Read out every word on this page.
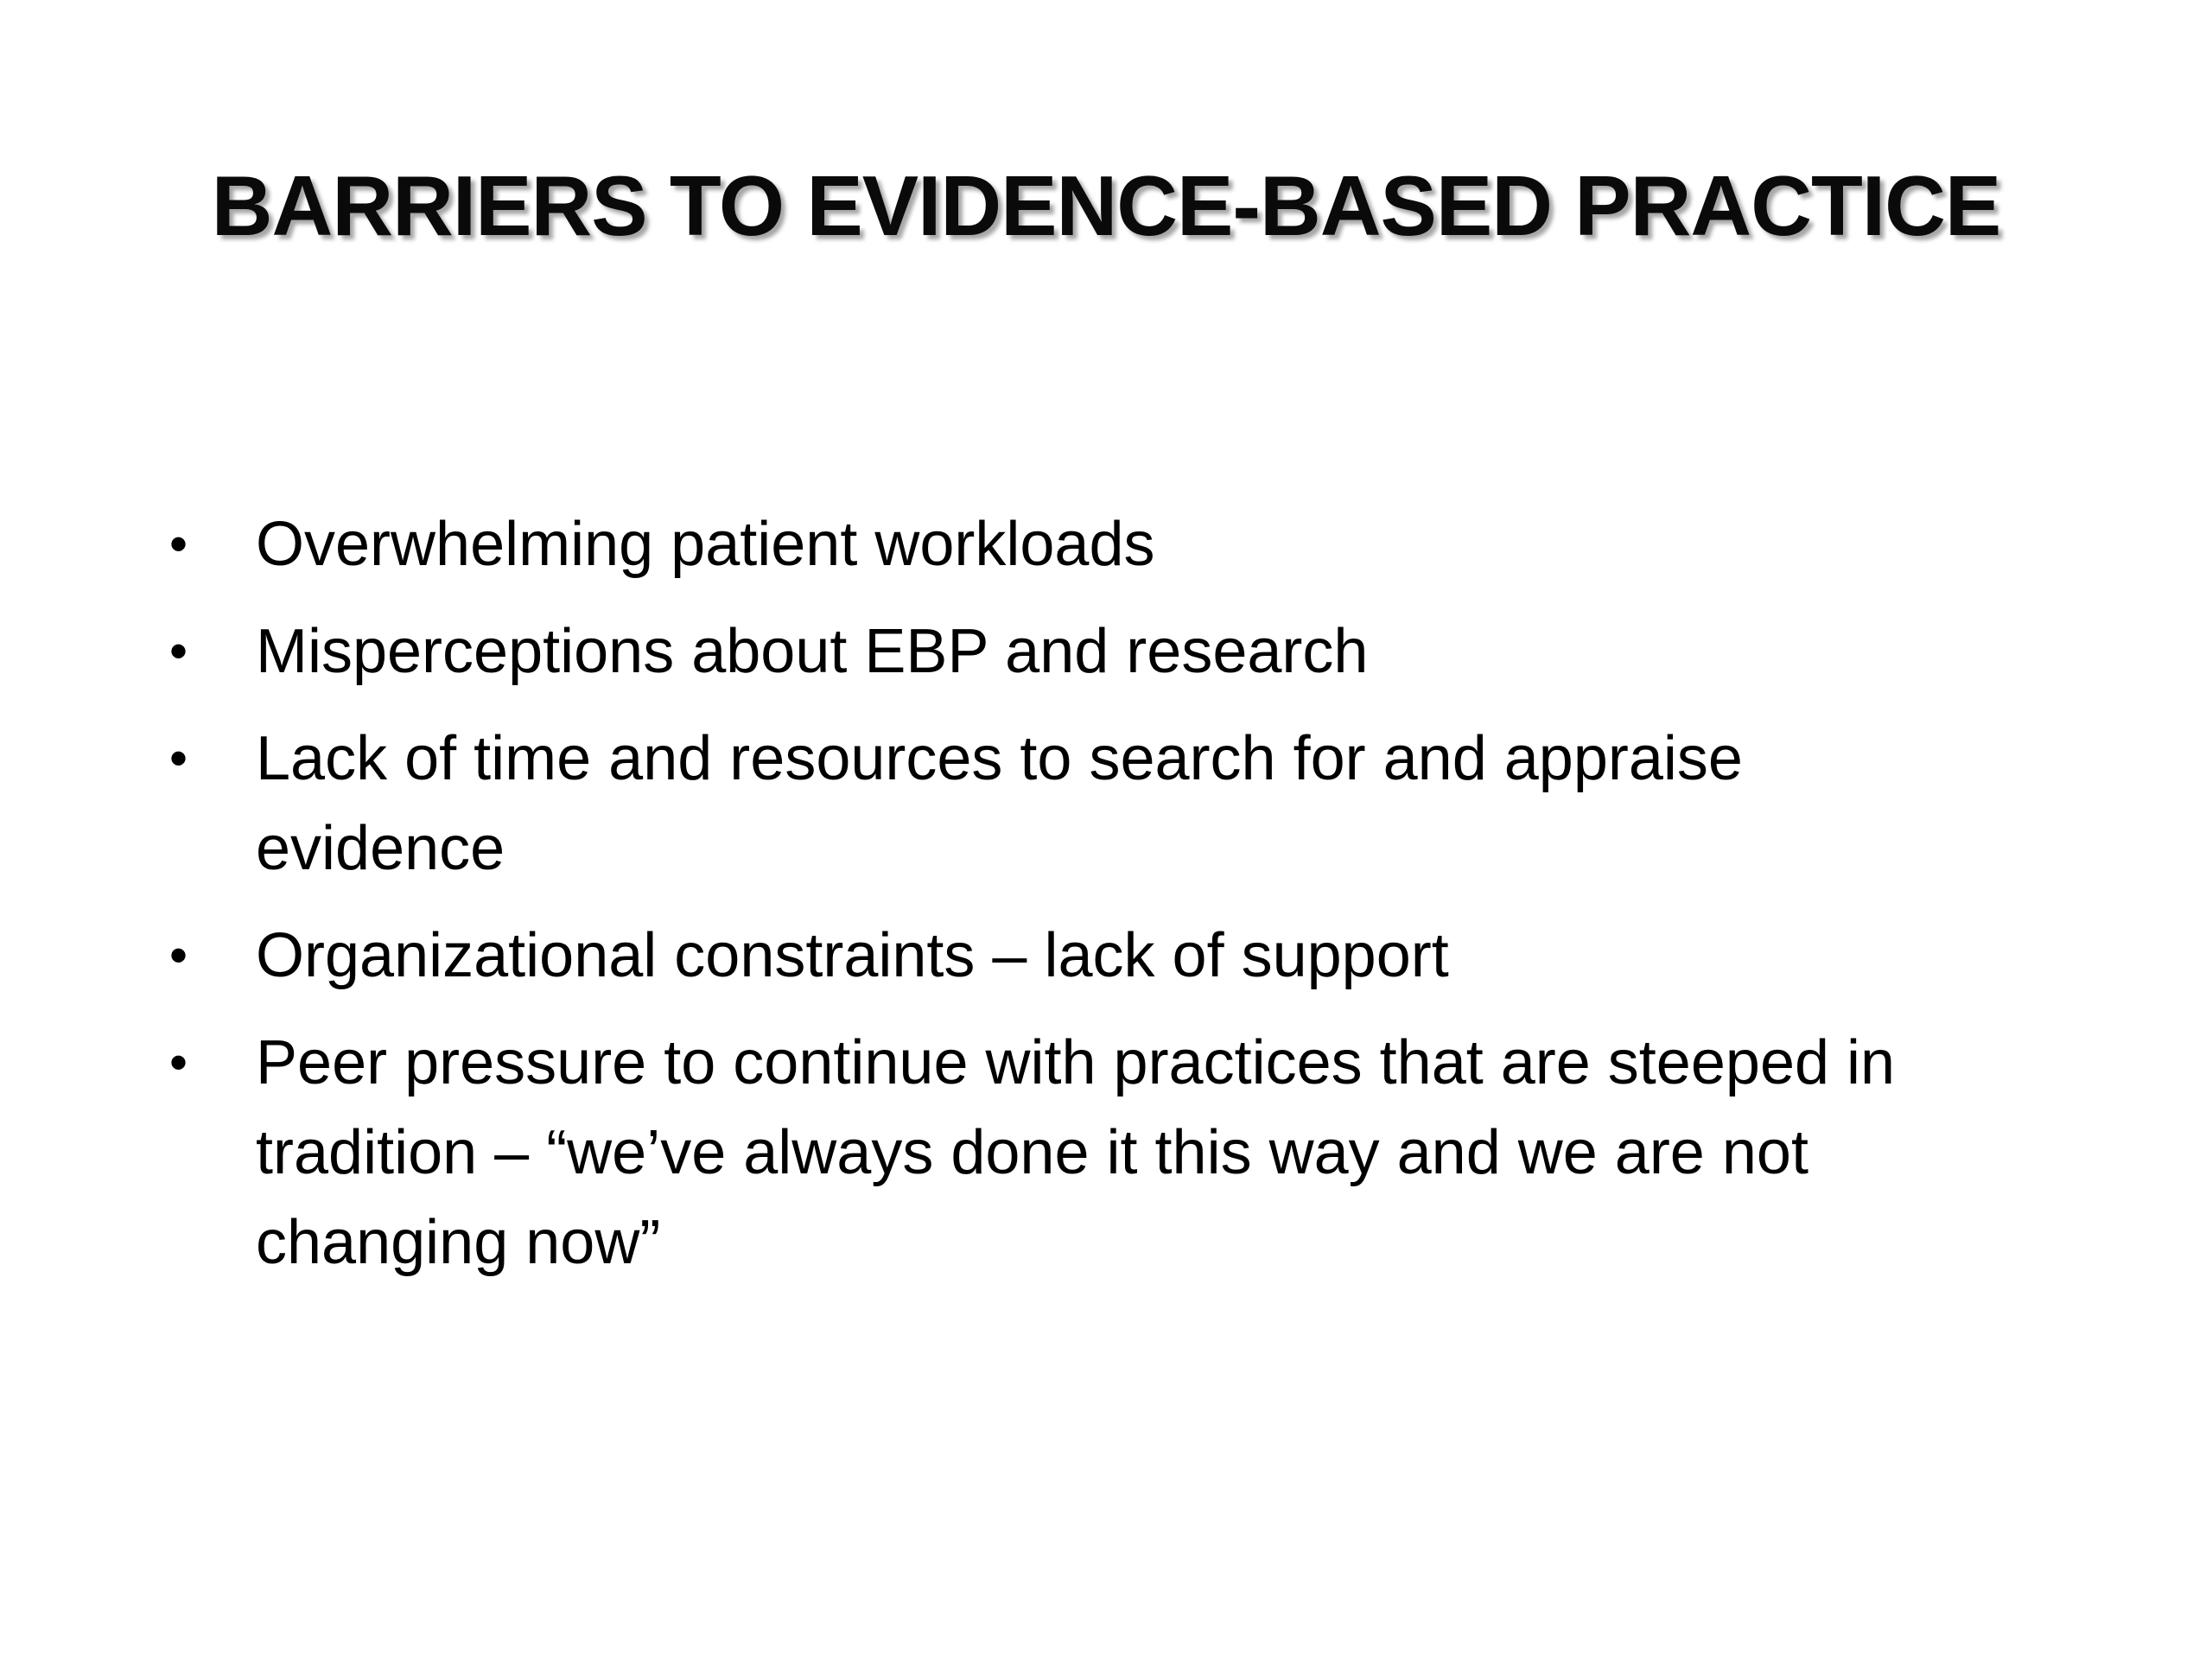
BARRIERS TO EVIDENCE-BASED PRACTICE
• Overwhelming patient workloads
• Misperceptions about EBP and research
• Lack of time and resources to search for and appraise evidence
• Organizational constraints – lack of support
• Peer pressure to continue with practices that are steeped in tradition – “we’ve always done it this way and we are not changing now”
